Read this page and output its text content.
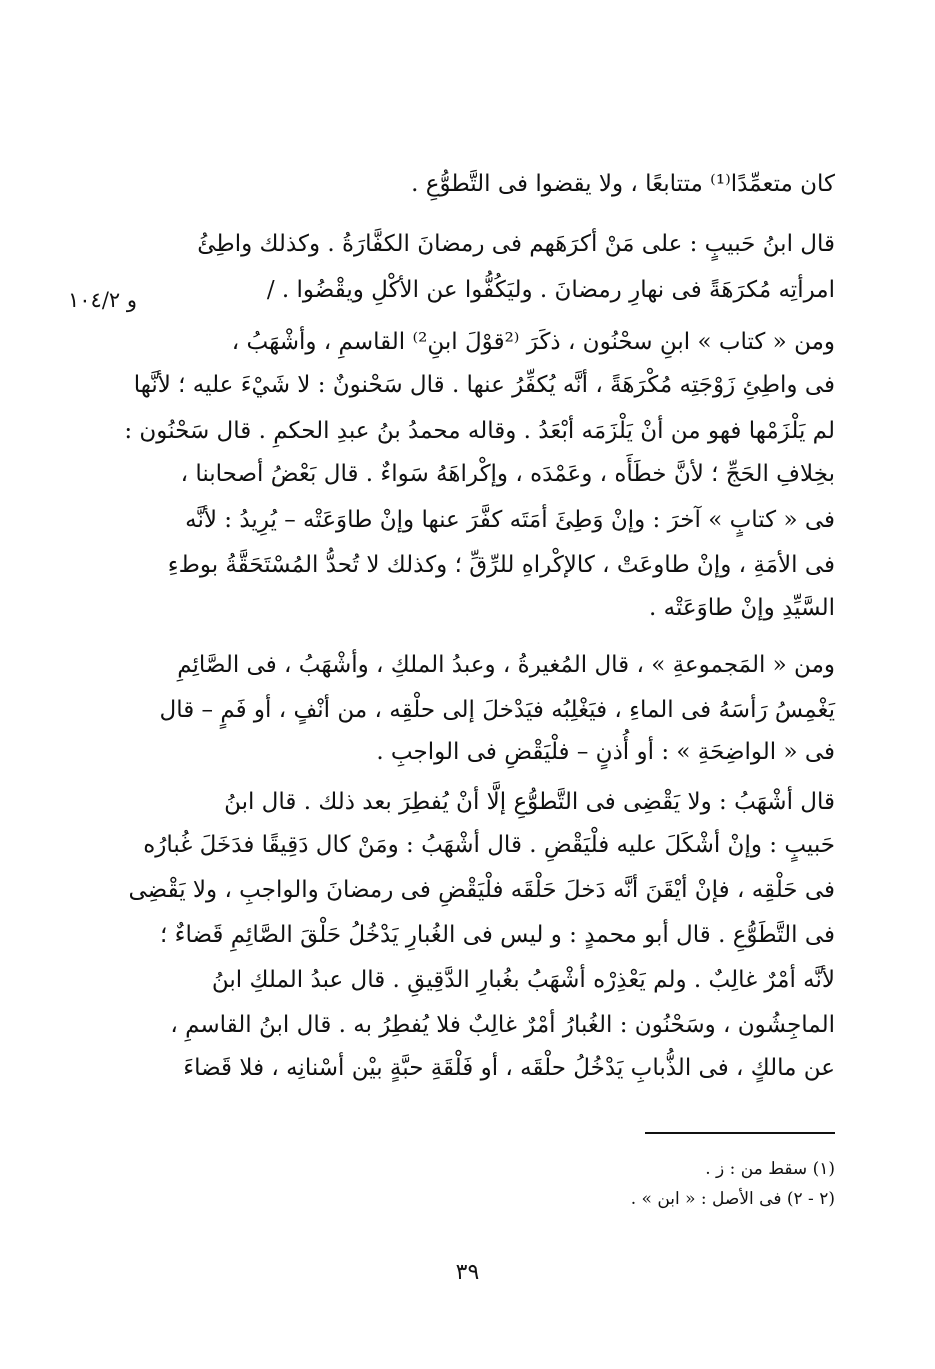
كان متعمِّدًا⁽¹⁾ متتابعًا ، ولا يقضوا فى التَّطوُّعِ .
قال ابنُ حَبيبٍ : على مَنْ أكرَهَهم فى رمضانَ الكفَّارَةُ . وكذلك واطِئُ
امرأتِه مُكرَهَةً فى نهارِ رمضانَ . وليَكُفُّوا عن الأكْلِ ويقْضُوا . /
و ١٠٤/٢
ومن « كتاب » ابنِ سحْنُون ، ذكَرَ ⁽²قوْلَ ابنِ²⁾ القاسمِ ، وأشْهَبُ ،
فى واطِئِ زَوْجَتِه مُكْرَهَةً ، أنَّه يُكفِّرُ عنها . قال سَحْنونٌ : لا شَيْءَ عليه ؛ لأنَّها
لم يَلْزَمْها فهو من أنْ يَلْزَمَه أبْعَدُ . وقاله محمدُ بنُ عبدِ الحكمِ . قال سَحْنُون :
بخِلافِ الحَجِّ ؛ لأنَّ خطَأَه ، وعَمْدَه ، وإكْراهَهُ سَواءٌ . قال بَعْضُ أصحابنا ،
فى « كتابٍ » آخرَ : وإنْ وَطِئَ أمَتَه كفَّرَ عنها وإنْ طاوَعَتْه – يُرِيدُ : لأنَّه
فى الأمَةِ ، وإنْ طاوعَتْ ، كالإكْراهِ للرِّقِّ ؛ وكذلك لا تُحدُّ المُسْتَحَقَّةُ بوطءِ
السَّيِّدِ وإنْ طاوَعَتْه .
ومن « المَجموعةِ » ، قال المُغيرةُ ، وعبدُ الملكِ ، وأشْهَبُ ، فى الصَّائِمِ
يَغْمِسُ رَأسَهُ فى الماءِ ، فيَغْلِبُه فيَدْخلَ إلى حلْقِه ، من أنْفٍ ، أو فَمٍ – قال
فى « الواضِحَةِ » : أو أُذنٍ – فلْيَقْضِ فى الواجبِ .
قال أشْهَبُ : ولا يَقْضِى فى التَّطوُّعِ إلَّا أنْ يُفطِرَ بعد ذلك . قال ابنُ
حَبيبٍ : وإنْ أشْكَلَ عليه فلْيَقْضِ . قال أشْهَبُ : ومَنْ كال دَقِيقًا فدَخَلَ غُبارُه
فى حَلْقِه ، فإنْ أيْقَنَ أنَّه دَخلَ حَلْقَه فلْيَقْضِ فى رمضانَ والواجبِ ، ولا يَقْضِى
فى التَّطَوُّعِ . قال أبو محمدٍ : و ليس فى الغُبارِ يَدْخُلُ حَلْقَ الصَّائِمِ قَضاءٌ ؛
لأنَّه أمْرٌ غالِبٌ . ولم يَعْذِرْه أشْهَبُ بغُبارِ الدَّقِيقِ . قال عبدُ الملكِ ابنُ
الماجِشُون ، وسَحْنُون : الغُبارُ أمْرٌ غالِبٌ فلا يُفطِرُ به . قال ابنُ القاسمِ ،
عن مالكٍ ، فى الذُّبابِ يَدْخُلُ حلْقَه ، أو فَلْقَةِ حبَّةٍ بيْن أسْنانِه ، فلا قَضاءَ
(١) سقط من : ز .
(٢ - ٢) فى الأصل : « ابن » .
٣٩
